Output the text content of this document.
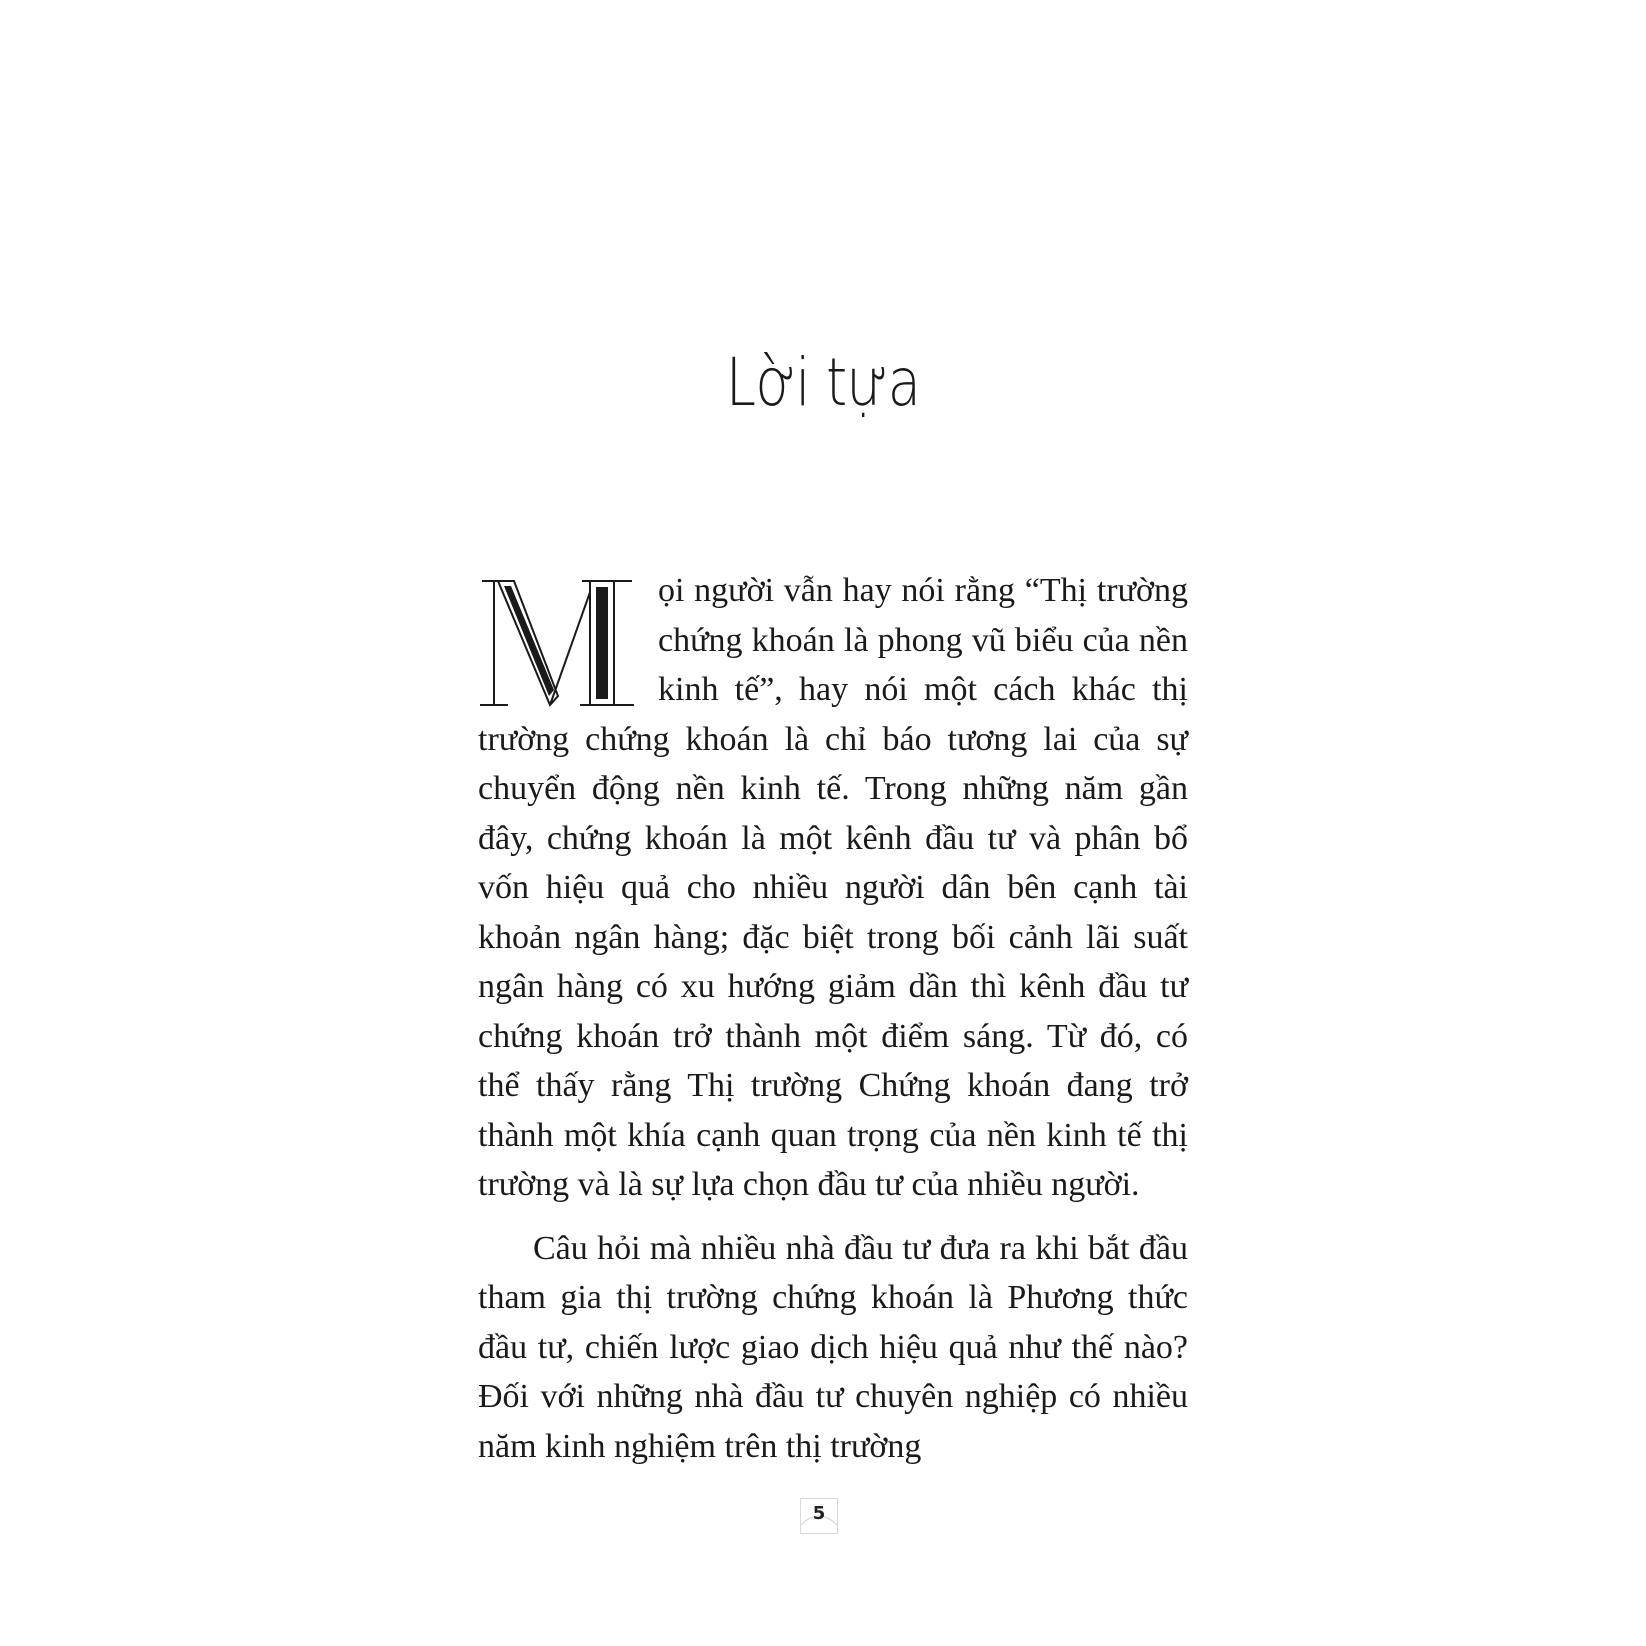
Lời tựa

ọi người vẫn hay nói rằng “Thị trường chứng khoán là phong vũ biểu của nền kinh tế”, hay nói một cách khác thị trường chứng khoán là chỉ báo tương lai của sự chuyển động nền kinh tế. Trong những năm gần đây, chứng khoán là một kênh đầu tư và phân bổ vốn hiệu quả cho nhiều người dân bên cạnh tài khoản ngân hàng; đặc biệt trong bối cảnh lãi suất ngân hàng có xu hướng giảm dần thì kênh đầu tư chứng khoán trở thành một điểm sáng. Từ đó, có thể thấy rằng Thị trường Chứng khoán đang trở thành một khía cạnh quan trọng của nền kinh tế thị trường và là sự lựa chọn đầu tư của nhiều người.

Câu hỏi mà nhiều nhà đầu tư đưa ra khi bắt đầu tham gia thị trường chứng khoán là Phương thức đầu tư, chiến lược giao dịch hiệu quả như thế nào? Đối với những nhà đầu tư chuyên nghiệp có nhiều năm kinh nghiệm trên thị trường

5
